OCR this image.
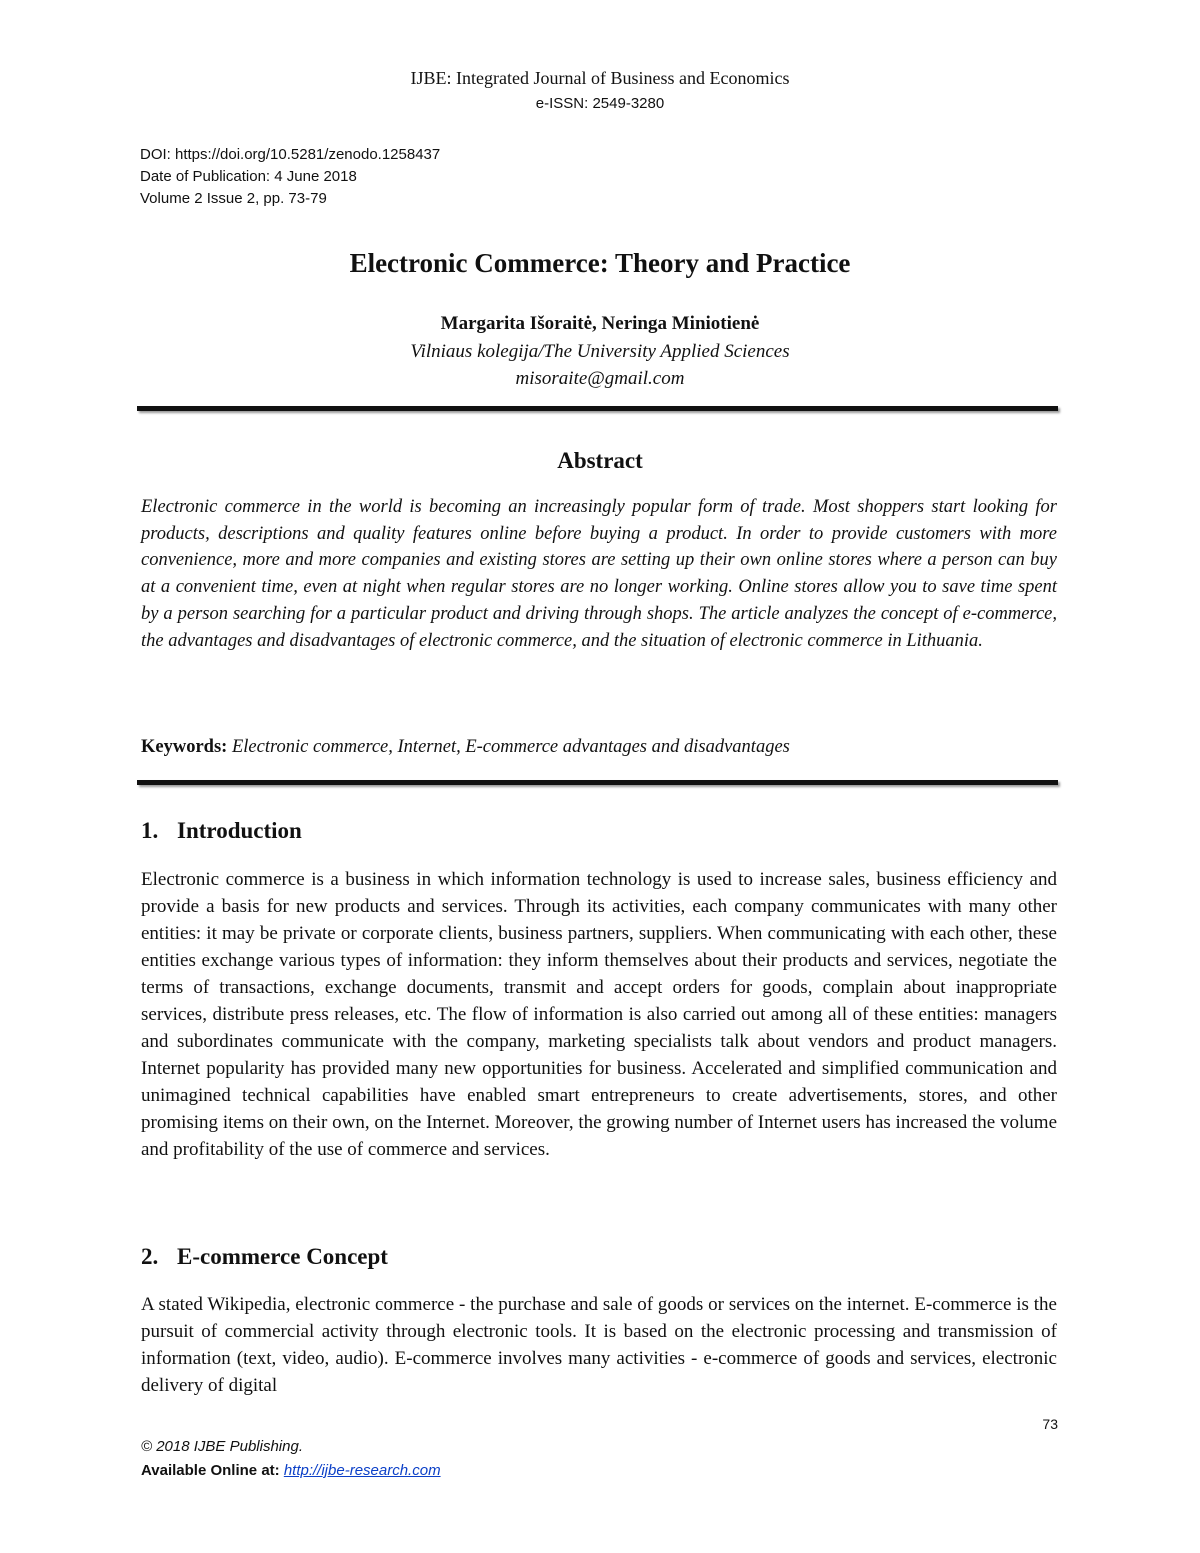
IJBE: Integrated Journal of Business and Economics
e-ISSN: 2549-3280
DOI: https://doi.org/10.5281/zenodo.1258437
Date of Publication: 4 June 2018
Volume 2 Issue 2, pp. 73-79
Electronic Commerce: Theory and Practice
Margarita Išoraitė, Neringa Miniotienė
Vilniaus kolegija/The University Applied Sciences
misoraite@gmail.com
Abstract

Electronic commerce in the world is becoming an increasingly popular form of trade. Most shoppers start looking for products, descriptions and quality features online before buying a product. In order to provide customers with more convenience, more and more companies and existing stores are setting up their own online stores where a person can buy at a convenient time, even at night when regular stores are no longer working. Online stores allow you to save time spent by a person searching for a particular product and driving through shops. The article analyzes the concept of e-commerce, the advantages and disadvantages of electronic commerce, and the situation of electronic commerce in Lithuania.

Keywords: Electronic commerce, Internet, E-commerce advantages and disadvantages
1. Introduction

Electronic commerce is a business in which information technology is used to increase sales, business efficiency and provide a basis for new products and services. Through its activities, each company communicates with many other entities: it may be private or corporate clients, business partners, suppliers. When communicating with each other, these entities exchange various types of information: they inform themselves about their products and services, negotiate the terms of transactions, exchange documents, transmit and accept orders for goods, complain about inappropriate services, distribute press releases, etc. The flow of information is also carried out among all of these entities: managers and subordinates communicate with the company, marketing specialists talk about vendors and product managers. Internet popularity has provided many new opportunities for business. Accelerated and simplified communication and unimagined technical capabilities have enabled smart entrepreneurs to create advertisements, stores, and other promising items on their own, on the Internet. Moreover, the growing number of Internet users has increased the volume and profitability of the use of commerce and services.

2. E-commerce Concept

A stated Wikipedia, electronic commerce - the purchase and sale of goods or services on the internet. E-commerce is the pursuit of commercial activity through electronic tools. It is based on the electronic processing and transmission of information (text, video, audio). E-commerce involves many activities - e-commerce of goods and services, electronic delivery of digital

73
© 2018 IJBE Publishing.
Available Online at: http://ijbe-research.com
